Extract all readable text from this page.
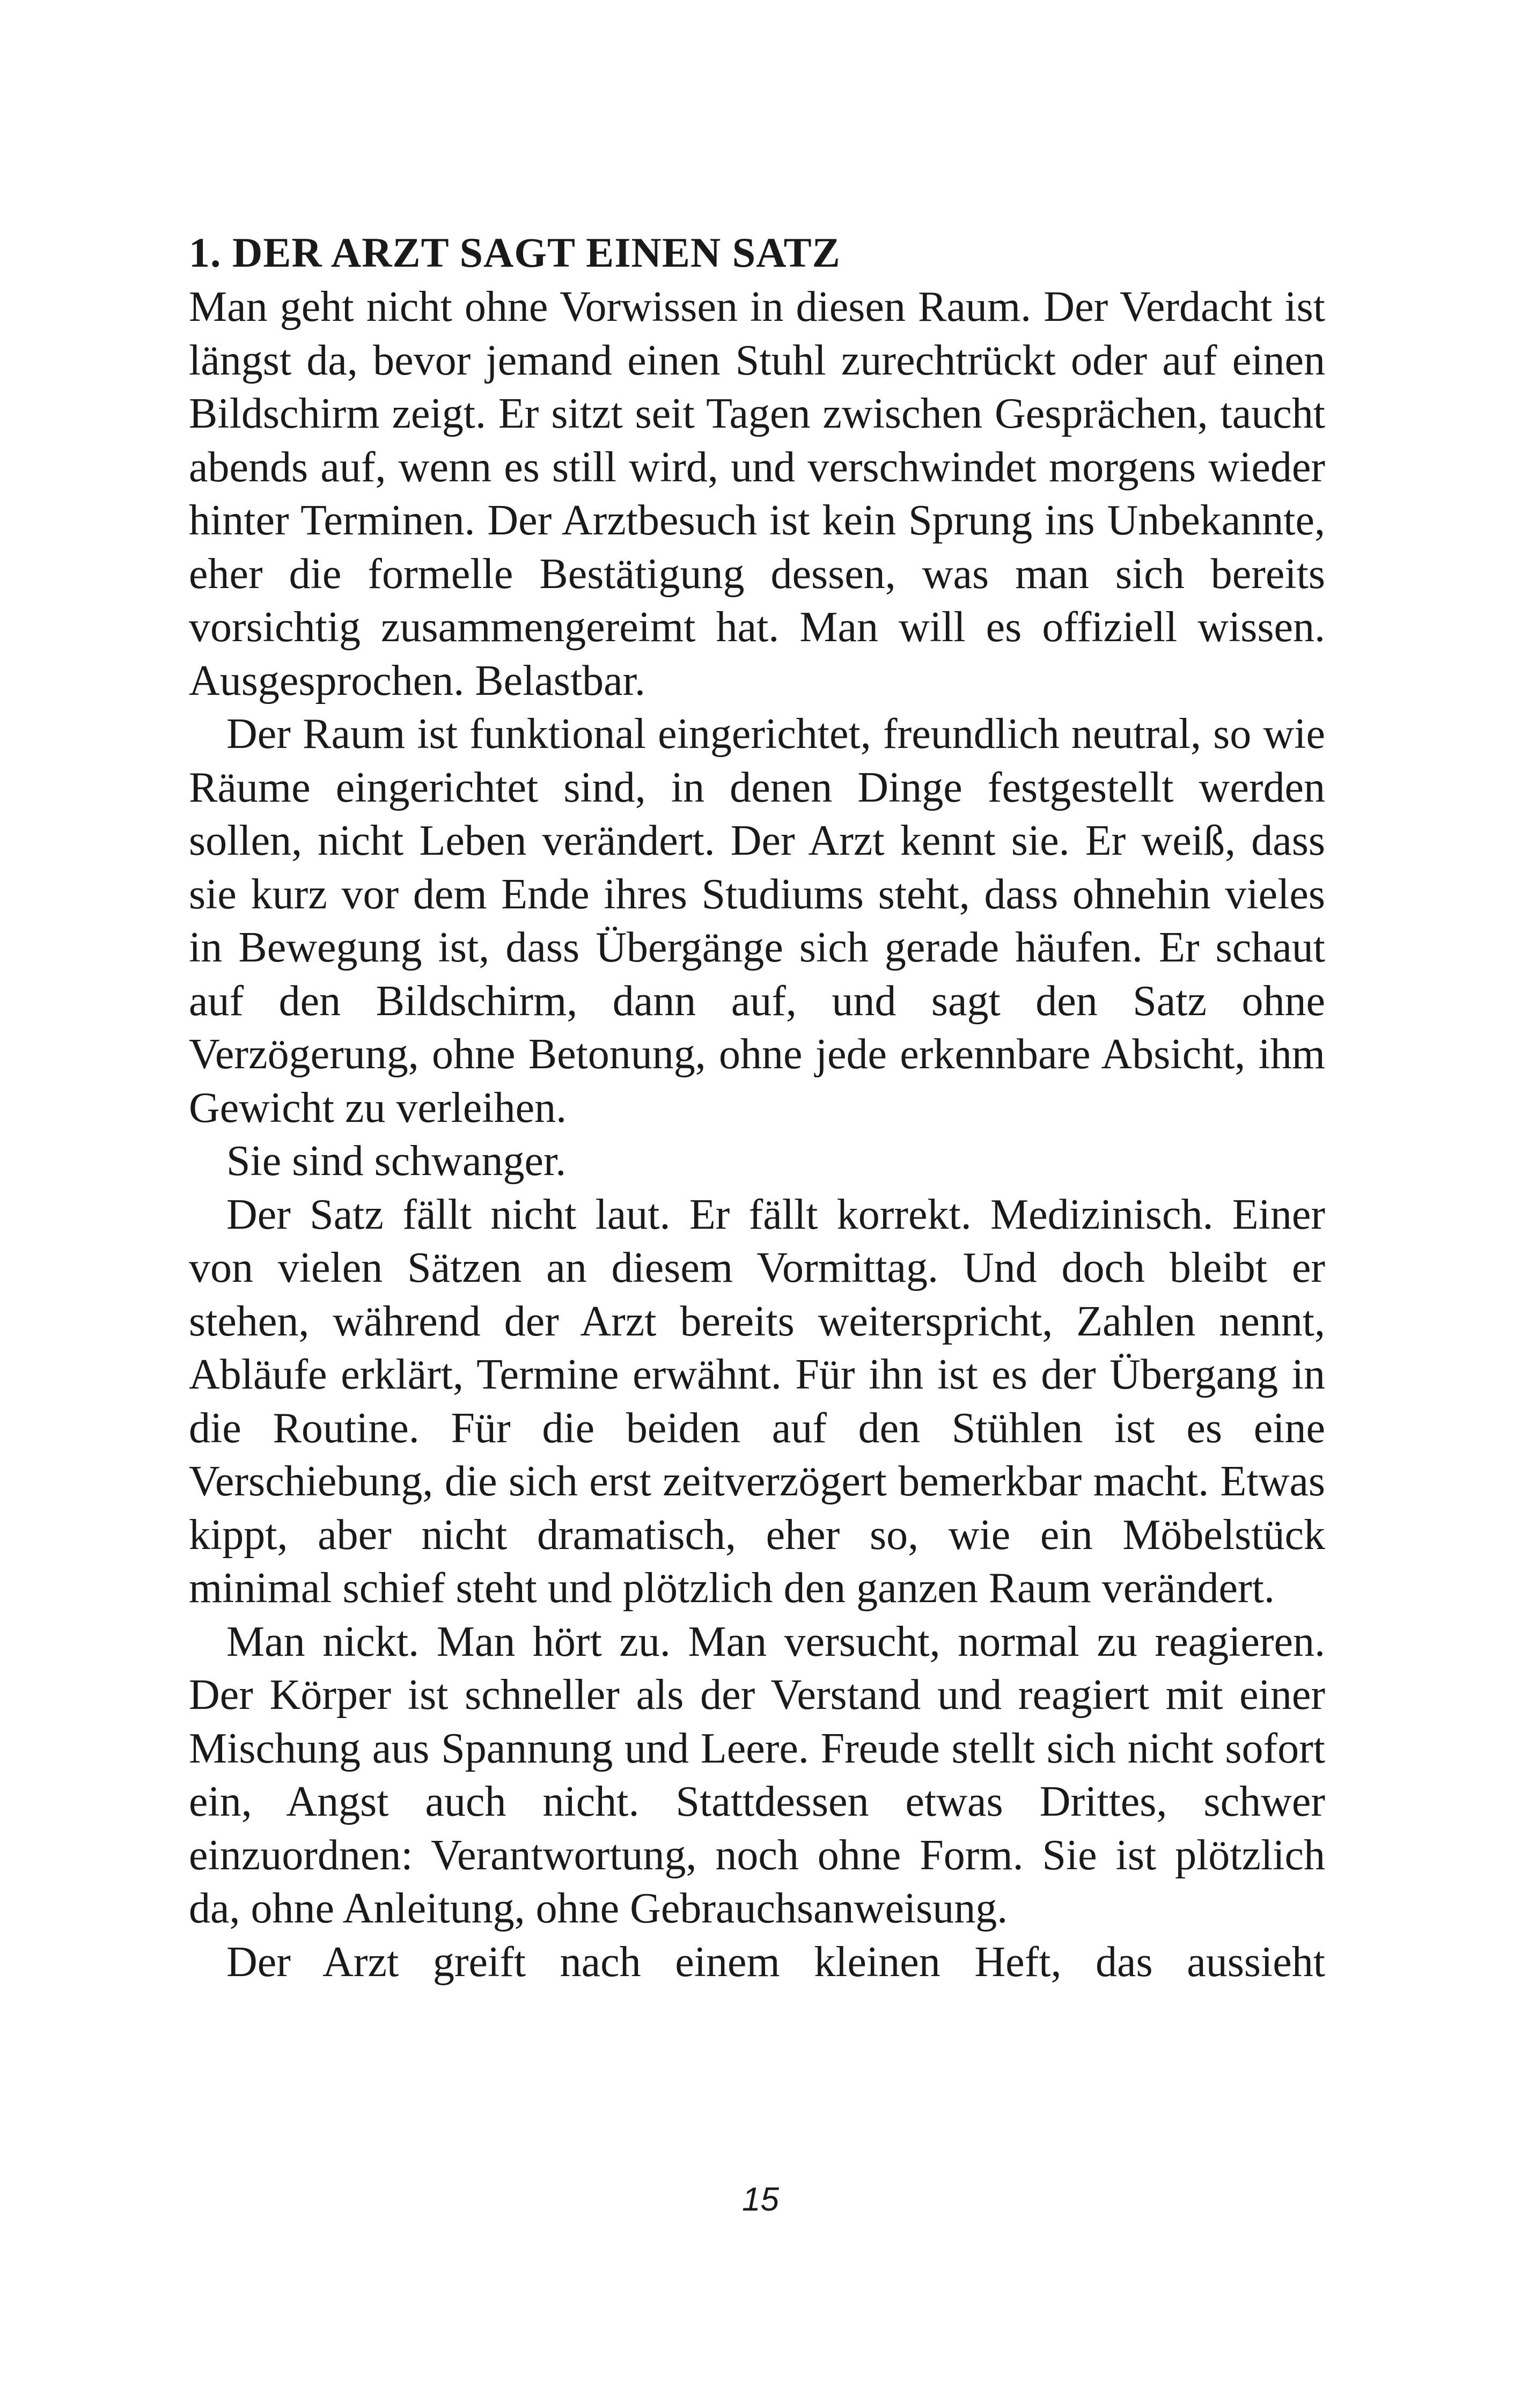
1. DER ARZT SAGT EINEN SATZ

Man geht nicht ohne Vorwissen in diesen Raum. Der Verdacht ist längst da, bevor jemand einen Stuhl zurechtrückt oder auf einen Bildschirm zeigt. Er sitzt seit Tagen zwischen Gesprächen, taucht abends auf, wenn es still wird, und verschwindet morgens wieder hinter Terminen. Der Arztbesuch ist kein Sprung ins Unbekannte, eher die formelle Bestätigung dessen, was man sich bereits vorsichtig zusammengereimt hat. Man will es offiziell wissen. Ausgesprochen. Belastbar.

Der Raum ist funktional eingerichtet, freundlich neutral, so wie Räume eingerichtet sind, in denen Dinge festgestellt werden sollen, nicht Leben verändert. Der Arzt kennt sie. Er weiß, dass sie kurz vor dem Ende ihres Studiums steht, dass ohnehin vieles in Bewegung ist, dass Übergänge sich gerade häufen. Er schaut auf den Bildschirm, dann auf, und sagt den Satz ohne Verzögerung, ohne Betonung, ohne jede erkennbare Absicht, ihm Gewicht zu verleihen.

Sie sind schwanger.

Der Satz fällt nicht laut. Er fällt korrekt. Medizinisch. Einer von vielen Sätzen an diesem Vormittag. Und doch bleibt er stehen, während der Arzt bereits weiterspricht, Zahlen nennt, Abläufe erklärt, Termine erwähnt. Für ihn ist es der Übergang in die Routine. Für die beiden auf den Stühlen ist es eine Verschiebung, die sich erst zeitverzögert bemerkbar macht. Etwas kippt, aber nicht dramatisch, eher so, wie ein Möbelstück minimal schief steht und plötzlich den ganzen Raum verändert.

Man nickt. Man hört zu. Man versucht, normal zu reagieren. Der Körper ist schneller als der Verstand und reagiert mit einer Mischung aus Spannung und Leere. Freude stellt sich nicht sofort ein, Angst auch nicht. Stattdessen etwas Drittes, schwer einzuordnen: Verantwortung, noch ohne Form. Sie ist plötzlich da, ohne Anleitung, ohne Gebrauchsanweisung.

Der Arzt greift nach einem kleinen Heft, das aussieht

15
